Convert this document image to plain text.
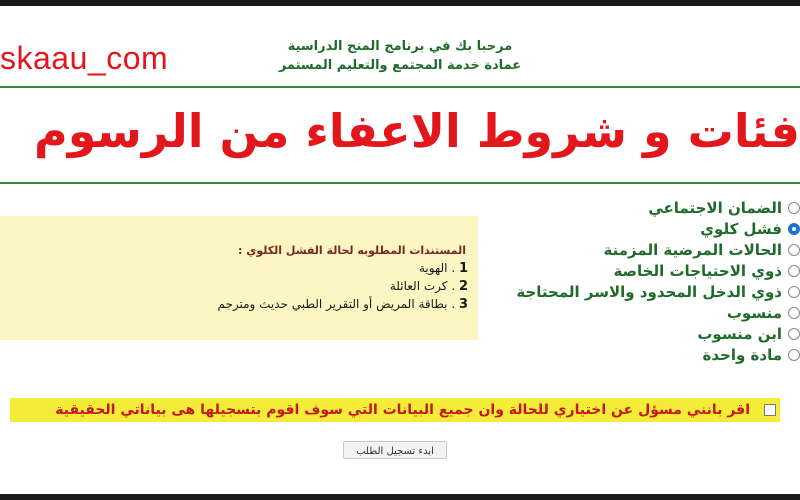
skaau_com	مرحبا بك في برنامج المنح الدراسية
عمادة خدمة المجتمع والتعليم المستمر
فئات و شروط الاعفاء من الرسوم
المستندات المطلوبه لحالة الفشل الكلوي :
1 . الهوية
2 . كرت العائلة
3 . بطاقة المريض أو التقرير الطبي حديث ومترجم
الضمان الاجتماعي
فشل كلوي
الحالات المرضية المزمنة
ذوي الاحتياجات الخاصة
ذوي الدخل المحدود والاسر المحتاجة
منسوب
ابن منسوب
مادة واحدة
اقر بانني مسؤل عن اختياري للحالة وان جميع البيانات التي سوف اقوم بتسجيلها هى بياناتي الحقيقية
ابدء تسجيل الطلب
